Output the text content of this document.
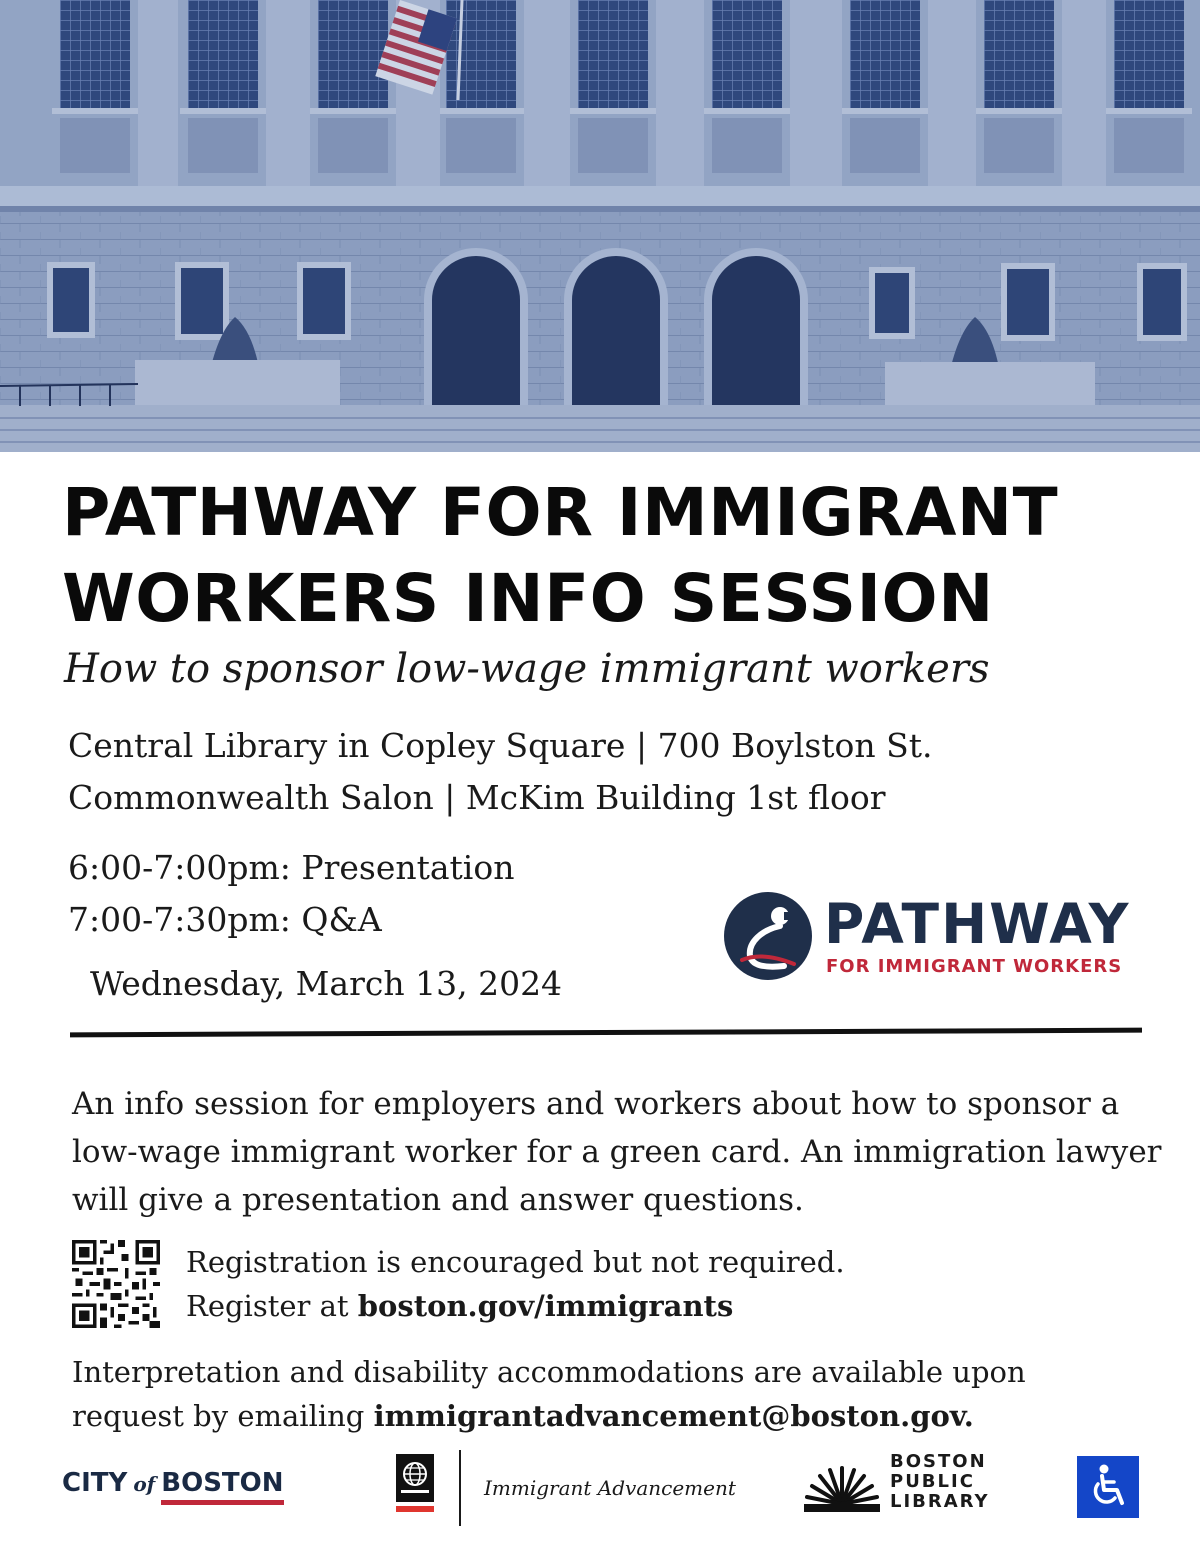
PATHWAY FOR IMMIGRANT
WORKERS INFO SESSION
How to sponsor low-wage immigrant workers
Central Library in Copley Square | 700 Boylston St.
Commonwealth Salon | McKim Building 1st floor
6:00-7:00pm: Presentation
7:00-7:30pm: Q&A
Wednesday, March 13, 2024
PATHWAY
FOR IMMIGRANT WORKERS

An info session for employers and workers about how to sponsor a low-wage immigrant worker for a green card. An immigration lawyer will give a presentation and answer questions.

Registration is encouraged but not required.
Register at boston.gov/immigrants
Interpretation and disability accommodations are available upon
request by emailing immigrantadvancement@boston.gov.
CITY of BOSTON	Immigrant Advancement
BOSTON
PUBLIC
LIBRARY
